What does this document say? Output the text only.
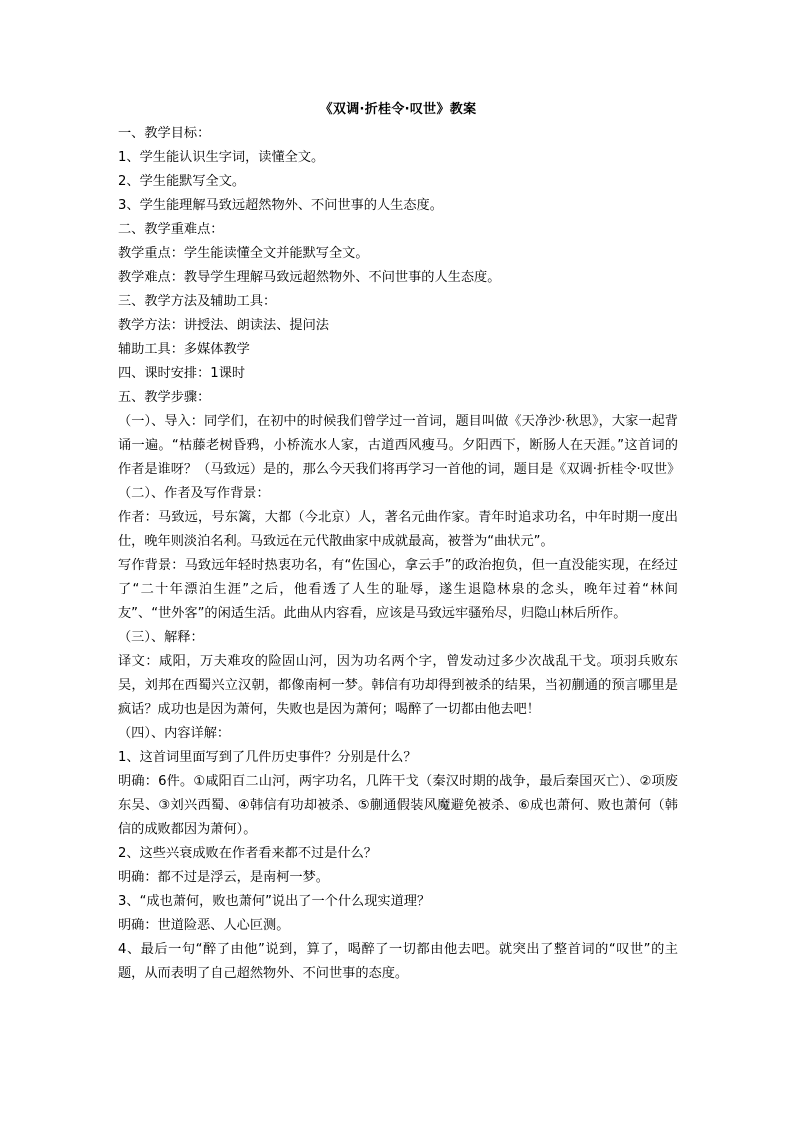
《双调·折桂令·叹世》教案
一、教学目标：
1、学生能认识生字词，读懂全文。
2、学生能默写全文。
3、学生能理解马致远超然物外、不问世事的人生态度。
二、教学重难点：
教学重点：学生能读懂全文并能默写全文。
教学难点：教导学生理解马致远超然物外、不问世事的人生态度。
三、教学方法及辅助工具：
教学方法：讲授法、朗读法、提问法
辅助工具：多媒体教学
四、课时安排：1课时
五、教学步骤：
（一）、导入：同学们，在初中的时候我们曾学过一首词，题目叫做《天净沙·秋思》，大家一起背诵一遍。“枯藤老树昏鸦，小桥流水人家，古道西风瘦马。夕阳西下，断肠人在天涯。”这首词的作者是谁呀？（马致远）是的，那么今天我们将再学习一首他的词，题目是《双调·折桂令·叹世》
（二）、作者及写作背景：
作者：马致远，号东篱，大都（今北京）人，著名元曲作家。青年时追求功名，中年时期一度出仕，晚年则淡泊名利。马致远在元代散曲家中成就最高，被誉为“曲状元”。
写作背景：马致远年轻时热衷功名，有“佐国心，拿云手”的政治抱负，但一直没能实现，在经过了“二十年漂泊生涯”之后，他看透了人生的耻辱，遂生退隐林泉的念头，晚年过着“林间友”、“世外客”的闲适生活。此曲从内容看，应该是马致远牢骚殆尽，归隐山林后所作。
（三）、解释：
译文：咸阳，万夫难攻的险固山河，因为功名两个字，曾发动过多少次战乱干戈。项羽兵败东吴，刘邦在西蜀兴立汉朝，都像南柯一梦。韩信有功却得到被杀的结果，当初蒯通的预言哪里是疯话？成功也是因为萧何，失败也是因为萧何；喝醉了一切都由他去吧！
（四）、内容详解：
1、这首词里面写到了几件历史事件？分别是什么？
明确：6件。①咸阳百二山河，两字功名，几阵干戈（秦汉时期的战争，最后秦国灭亡）、②项废东吴、③刘兴西蜀、④韩信有功却被杀、⑤蒯通假装风魔避免被杀、⑥成也萧何、败也萧何（韩信的成败都因为萧何）。
2、这些兴衰成败在作者看来都不过是什么？
明确：都不过是浮云，是南柯一梦。
3、“成也萧何，败也萧何”说出了一个什么现实道理？
明确：世道险恶、人心叵测。
4、最后一句“醉了由他”说到，算了，喝醉了一切都由他去吧。就突出了整首词的“叹世”的主题，从而表明了自己超然物外、不问世事的态度。
